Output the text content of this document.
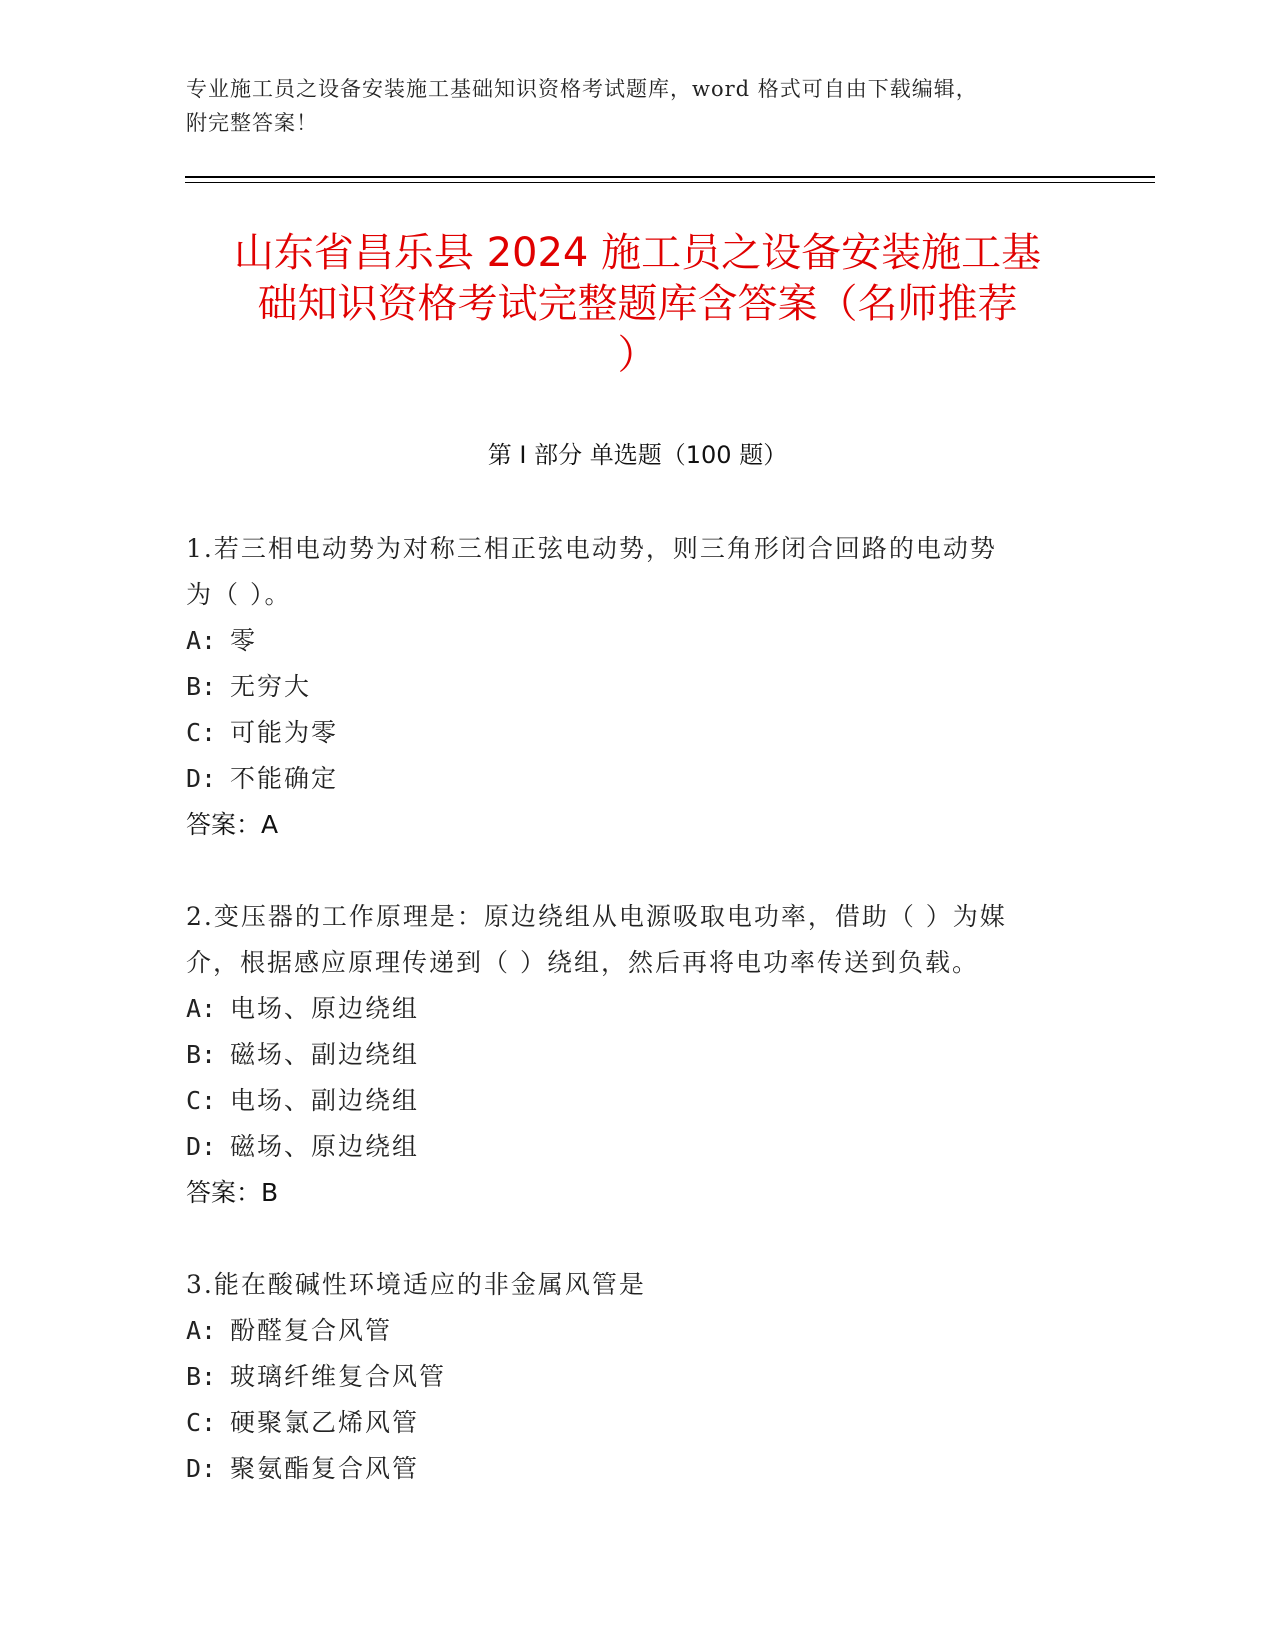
专业施工员之设备安装施工基础知识资格考试题库，word 格式可自由下载编辑，
附完整答案！
山东省昌乐县 2024 施工员之设备安装施工基
础知识资格考试完整题库含答案（名师推荐
）
第 I 部分 单选题（100 题）
1.若三相电动势为对称三相正弦电动势，则三角形闭合回路的电动势
为（ ）。
A: 零
B: 无穷大
C: 可能为零
D: 不能确定
答案：A
2.变压器的工作原理是：原边绕组从电源吸取电功率，借助（ ）为媒
介，根据感应原理传递到（ ）绕组，然后再将电功率传送到负载。
A: 电场、原边绕组
B: 磁场、副边绕组
C: 电场、副边绕组
D: 磁场、原边绕组
答案：B
3.能在酸碱性环境适应的非金属风管是
A: 酚醛复合风管
B: 玻璃纤维复合风管
C: 硬聚氯乙烯风管
D: 聚氨酯复合风管
